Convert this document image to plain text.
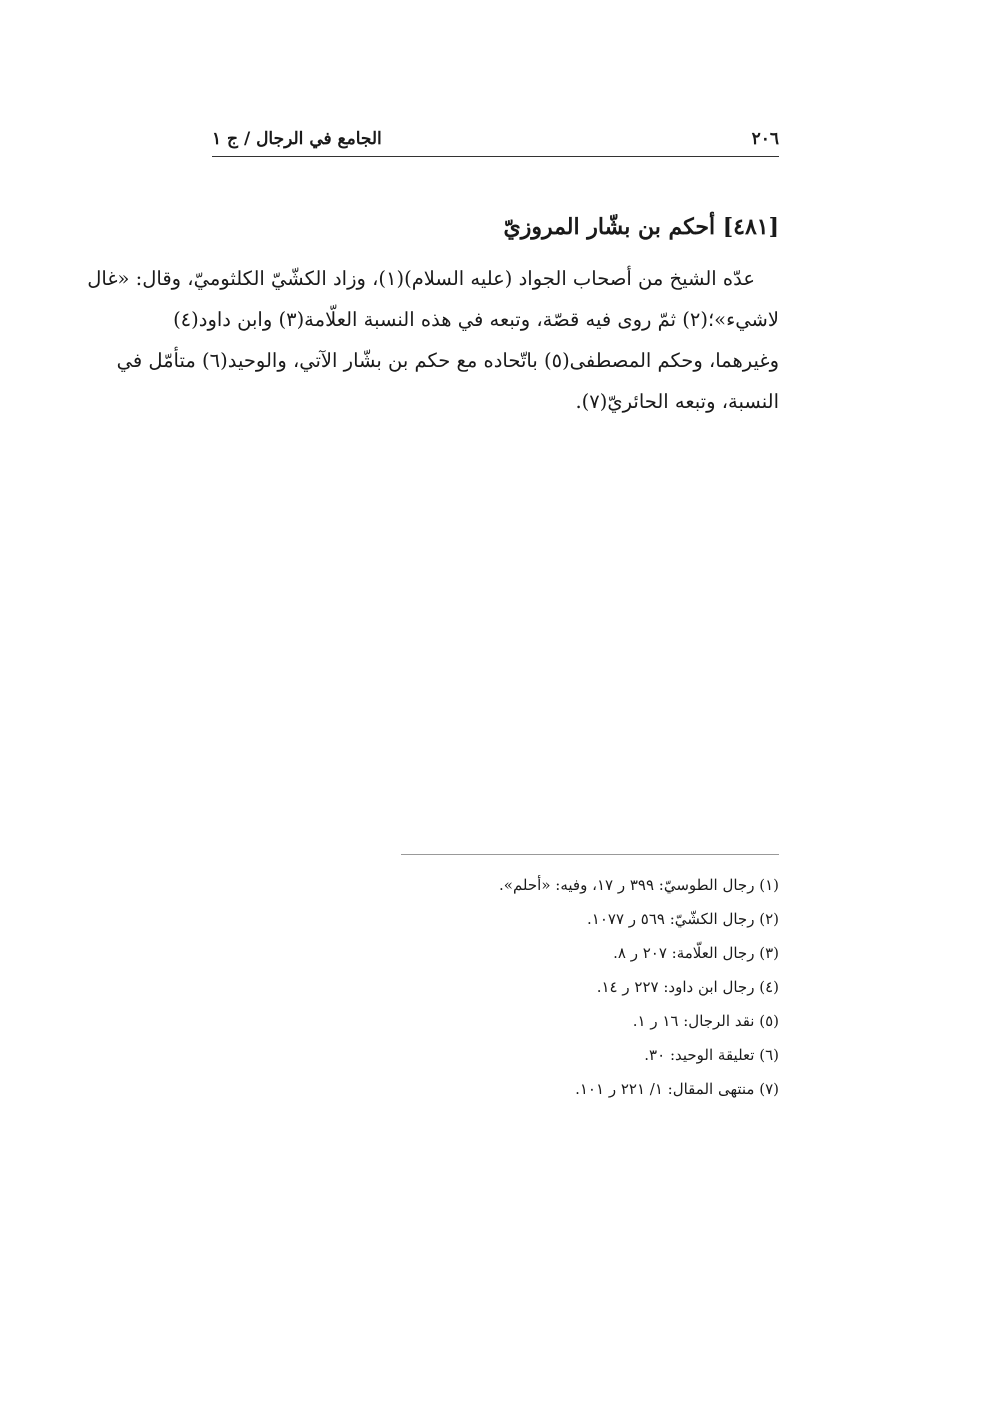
٢٠٦
الجامع في الرجال / ج ١
[٤٨١] أحكم بن بشّار المروزيّ
عدّه الشيخ من أصحاب الجواد (عليه السلام)(١)، وزاد الكشّيّ الكلثوميّ، وقال: «غال
لاشيء»؛(٢) ثمّ روى فيه قصّة، وتبعه في هذه النسبة العلّامة(٣) وابن داود(٤)
وغيرهما، وحكم المصطفى(٥) باتّحاده مع حكم بن بشّار الآتي، والوحيد(٦) متأمّل في
النسبة، وتبعه الحائريّ(٧).
(١) رجال الطوسيّ: ٣٩٩ ر ١٧، وفيه: «أحلم».
(٢) رجال الكشّيّ: ٥٦٩ ر ١٠٧٧.
(٣) رجال العلّامة: ٢٠٧ ر ٨.
(٤) رجال ابن داود: ٢٢٧ ر ١٤.
(٥) نقد الرجال: ١٦ ر ١.
(٦) تعليقة الوحيد: ٣٠.
(٧) منتهى المقال: ١/ ٢٢١ ر ١٠١.
